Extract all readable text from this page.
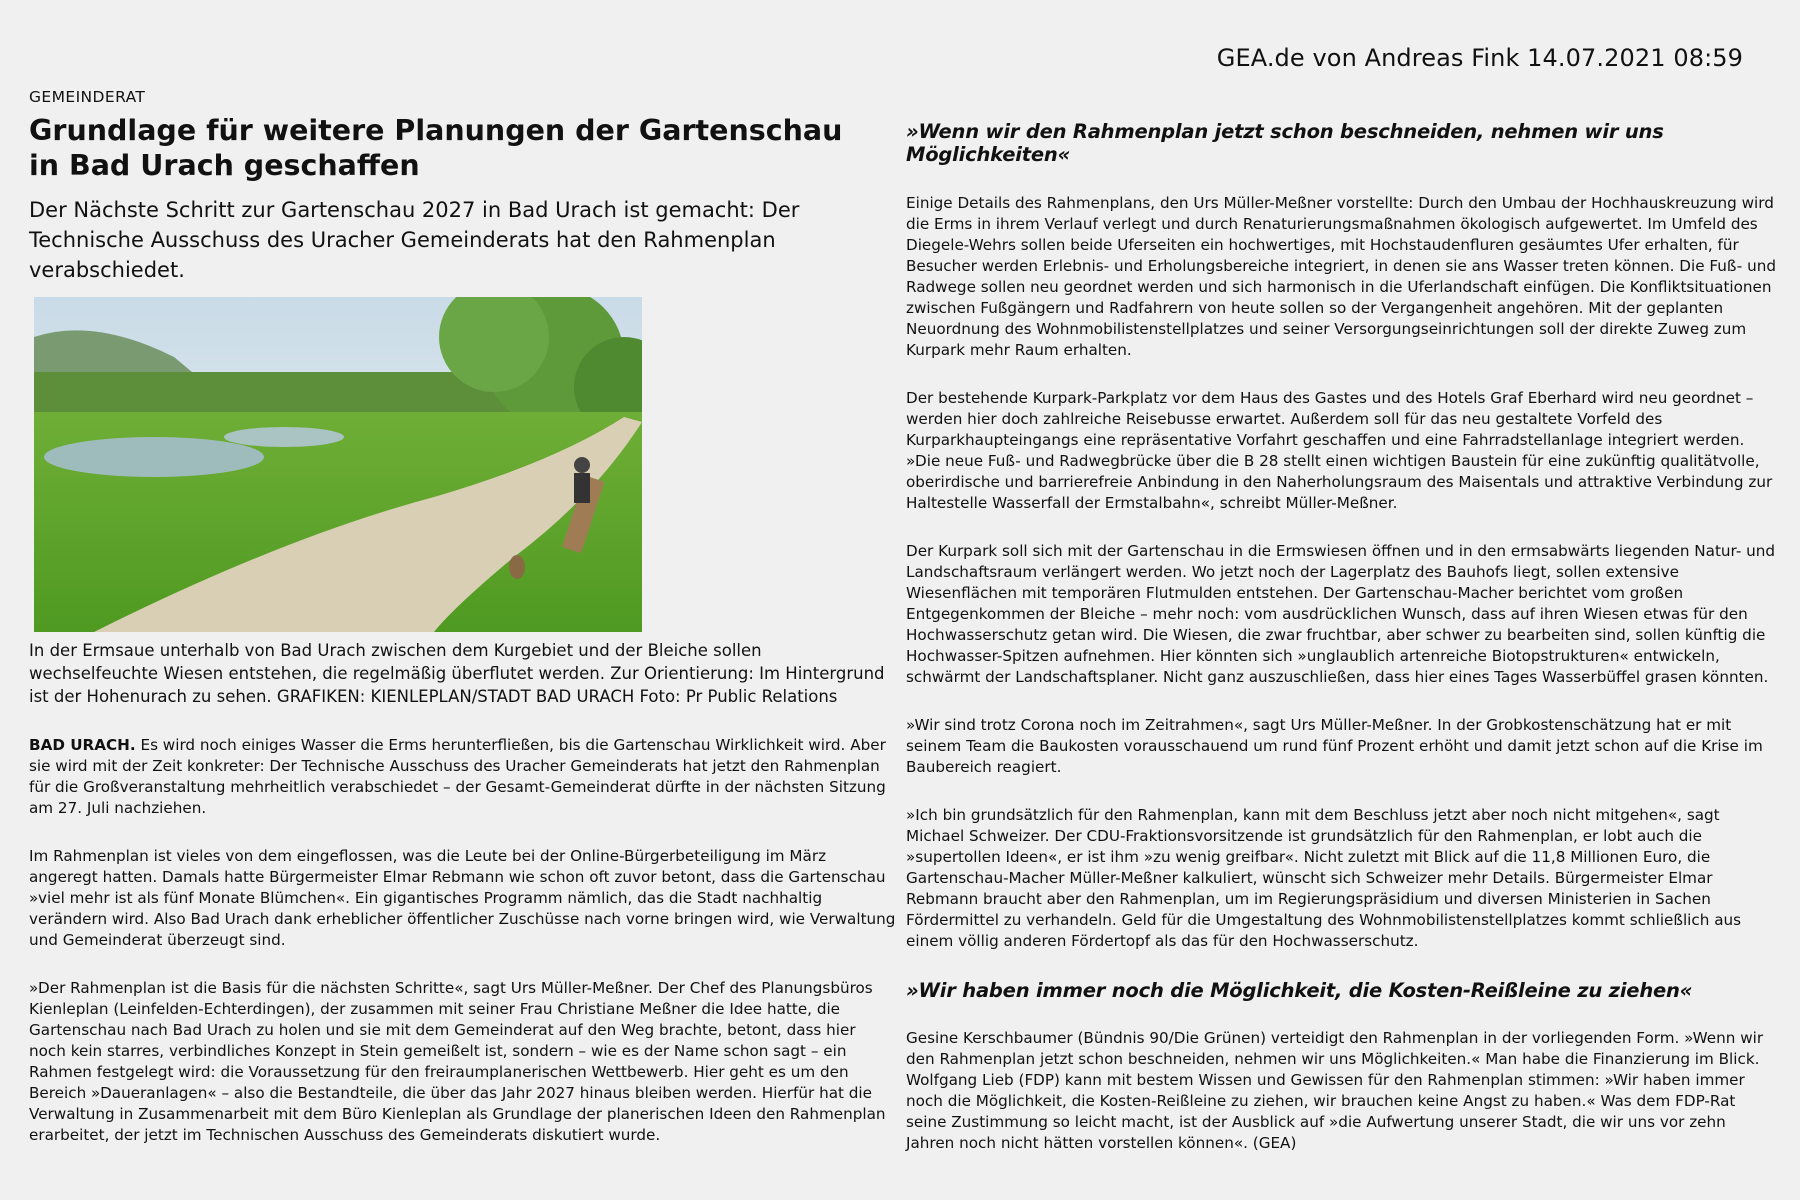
GEA.de von Andreas Fink 14.07.2021 08:59
GEMEINDERAT
Grundlage für weitere Planungen der Gartenschau in Bad Urach geschaffen

Der Nächste Schritt zur Gartenschau 2027 in Bad Urach ist gemacht: Der Technische Ausschuss des Uracher Gemeinderats hat den Rahmenplan verabschiedet.

In der Ermsaue unterhalb von Bad Urach zwischen dem Kurgebiet und der Bleiche sollen wechselfeuchte Wiesen entstehen, die regelmäßig überflutet werden. Zur Orientierung: Im Hintergrund ist der Hohenurach zu sehen. GRAFIKEN: KIENLEPLAN/STADT BAD URACH Foto: Pr Public Relations

BAD URACH. Es wird noch einiges Wasser die Erms herunterfließen, bis die Gartenschau Wirklichkeit wird. Aber sie wird mit der Zeit konkreter: Der Technische Ausschuss des Uracher Gemeinderats hat jetzt den Rahmenplan für die Großveranstaltung mehrheitlich verabschiedet – der Gesamt-Gemeinderat dürfte in der nächsten Sitzung am 27. Juli nachziehen.

Im Rahmenplan ist vieles von dem eingeflossen, was die Leute bei der Online-Bürgerbeteiligung im März angeregt hatten. Damals hatte Bürgermeister Elmar Rebmann wie schon oft zuvor betont, dass die Gartenschau »viel mehr ist als fünf Monate Blümchen«. Ein gigantisches Programm nämlich, das die Stadt nachhaltig verändern wird. Also Bad Urach dank erheblicher öffentlicher Zuschüsse nach vorne bringen wird, wie Verwaltung und Gemeinderat überzeugt sind.

»Der Rahmenplan ist die Basis für die nächsten Schritte«, sagt Urs Müller-Meßner. Der Chef des Planungsbüros Kienleplan (Leinfelden-Echterdingen), der zusammen mit seiner Frau Christiane Meßner die Idee hatte, die Gartenschau nach Bad Urach zu holen und sie mit dem Gemeinderat auf den Weg brachte, betont, dass hier noch kein starres, verbindliches Konzept in Stein gemeißelt ist, sondern – wie es der Name schon sagt – ein Rahmen festgelegt wird: die Voraussetzung für den freiraumplanerischen Wettbewerb. Hier geht es um den Bereich »Daueranlagen« – also die Bestandteile, die über das Jahr 2027 hinaus bleiben werden. Hierfür hat die Verwaltung in Zusammenarbeit mit dem Büro Kienleplan als Grundlage der planerischen Ideen den Rahmenplan erarbeitet, der jetzt im Technischen Ausschuss des Gemeinderats diskutiert wurde.

»Wenn wir den Rahmenplan jetzt schon beschneiden, nehmen wir uns Möglichkeiten«

Einige Details des Rahmenplans, den Urs Müller-Meßner vorstellte: Durch den Umbau der Hochhauskreuzung wird die Erms in ihrem Verlauf verlegt und durch Renaturierungsmaßnahmen ökologisch aufgewertet. Im Umfeld des Diegele-Wehrs sollen beide Uferseiten ein hochwertiges, mit Hochstaudenfluren gesäumtes Ufer erhalten, für Besucher werden Erlebnis- und Erholungsbereiche integriert, in denen sie ans Wasser treten können. Die Fuß- und Radwege sollen neu geordnet werden und sich harmonisch in die Uferlandschaft einfügen. Die Konfliktsituationen zwischen Fußgängern und Radfahrern von heute sollen so der Vergangenheit angehören. Mit der geplanten Neuordnung des Wohnmobilistenstellplatzes und seiner Versorgungseinrichtungen soll der direkte Zuweg zum Kurpark mehr Raum erhalten.

Der bestehende Kurpark-Parkplatz vor dem Haus des Gastes und des Hotels Graf Eberhard wird neu geordnet – werden hier doch zahlreiche Reisebusse erwartet. Außerdem soll für das neu gestaltete Vorfeld des Kurparkhaupteingangs eine repräsentative Vorfahrt geschaffen und eine Fahrradstellanlage integriert werden. »Die neue Fuß- und Radwegbrücke über die B 28 stellt einen wichtigen Baustein für eine zukünftig qualitätvolle, oberirdische und barrierefreie Anbindung in den Naherholungsraum des Maisentals und attraktive Verbindung zur Haltestelle Wasserfall der Ermstalbahn«, schreibt Müller-Meßner.

Der Kurpark soll sich mit der Gartenschau in die Ermswiesen öffnen und in den ermsabwärts liegenden Natur- und Landschaftsraum verlängert werden. Wo jetzt noch der Lagerplatz des Bauhofs liegt, sollen extensive Wiesenflächen mit temporären Flutmulden entstehen. Der Gartenschau-Macher berichtet vom großen Entgegenkommen der Bleiche – mehr noch: vom ausdrücklichen Wunsch, dass auf ihren Wiesen etwas für den Hochwasserschutz getan wird. Die Wiesen, die zwar fruchtbar, aber schwer zu bearbeiten sind, sollen künftig die Hochwasser-Spitzen aufnehmen. Hier könnten sich »unglaublich artenreiche Biotopstrukturen« entwickeln, schwärmt der Landschaftsplaner. Nicht ganz auszuschließen, dass hier eines Tages Wasserbüffel grasen könnten.

»Wir sind trotz Corona noch im Zeitrahmen«, sagt Urs Müller-Meßner. In der Grobkostenschätzung hat er mit seinem Team die Baukosten vorausschauend um rund fünf Prozent erhöht und damit jetzt schon auf die Krise im Baubereich reagiert.

»Ich bin grundsätzlich für den Rahmenplan, kann mit dem Beschluss jetzt aber noch nicht mitgehen«, sagt Michael Schweizer. Der CDU-Fraktionsvorsitzende ist grundsätzlich für den Rahmenplan, er lobt auch die »supertollen Ideen«, er ist ihm »zu wenig greifbar«. Nicht zuletzt mit Blick auf die 11,8 Millionen Euro, die Gartenschau-Macher Müller-Meßner kalkuliert, wünscht sich Schweizer mehr Details. Bürgermeister Elmar Rebmann braucht aber den Rahmenplan, um im Regierungspräsidium und diversen Ministerien in Sachen Fördermittel zu verhandeln. Geld für die Umgestaltung des Wohnmobilistenstellplatzes kommt schließlich aus einem völlig anderen Fördertopf als das für den Hochwasserschutz.

»Wir haben immer noch die Möglichkeit, die Kosten-Reißleine zu ziehen«

Gesine Kerschbaumer (Bündnis 90/Die Grünen) verteidigt den Rahmenplan in der vorliegenden Form. »Wenn wir den Rahmenplan jetzt schon beschneiden, nehmen wir uns Möglichkeiten.« Man habe die Finanzierung im Blick. Wolfgang Lieb (FDP) kann mit bestem Wissen und Gewissen für den Rahmenplan stimmen: »Wir haben immer noch die Möglichkeit, die Kosten-Reißleine zu ziehen, wir brauchen keine Angst zu haben.« Was dem FDP-Rat seine Zustimmung so leicht macht, ist der Ausblick auf »die Aufwertung unserer Stadt, die wir uns vor zehn Jahren noch nicht hätten vorstellen können«. (GEA)
